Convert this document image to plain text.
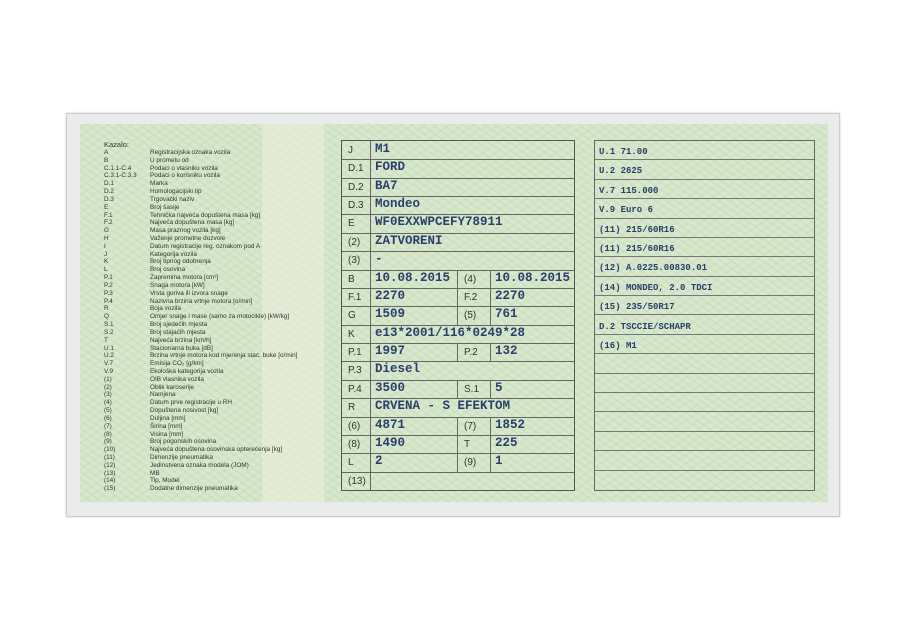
Kazalo:
A	Registracijska oznaka vozila
B	U prometu od
C.1.1-C.4	Podaci o vlasniku vozila
C.3.1-C.3.3 Podaci o korisniku vozila
D.1	Marka
D.2	Homologacijski tip
D.3	Trgovački naziv
E	Broj šasije
F.1	Tehnička najveća dopuštena masa [kg]
F.2	Najveća dopuštena masa [kg]
G	Masa praznog vozila [kg]
H	Važenje prometne dozvole
I	Datum registracije reg. oznakom pod A
J	Kategorija vozila
K	Broj tipnog odobrenja
L	Broj osovina
P.1	Zapremina motora [cm³]
P.2	Snaga motora [kW]
P.3	Vrsta goriva ili izvora snage
P.4	Nazivna brzina vrtnje motora [o/min]
R	Boja vozila
Q	Omjer snage i mase (samo za motocikle) [kW/kg]
S.1	Broj sjedećih mjesta
S.2	Broj stajaćih mjesta
T	Najveća brzina [km/h]
U.1	Stacionarna buka [dB]
U.2	Brzina vrtnje motora kod mjerenja stac. buke [o/min]
V.7	Emisija CO₂ [g/km]
V.9	Ekološka kategorija vozila
(1)	OIB vlasnika vozila
(2)	Oblik karoserije
(3)	Namjena
(4)	Datum prve registracije u RH
(5)	Dopuštena nosivost [kg]
(6)	Duljina [mm]
(7)	Širina [mm]
(8)	Visina [mm]
(9)	Broj pogonskih osovina
(10)	Najveća dopuštena osovinska opterećenja [kg]
(11)	Dimenzije pneumatika
(12)	Jedinstvena oznaka modela (JOM)
(13)	MB
(14)	Tip, Model
(15)	Dodatne dimenzije pneumatika
J	M1
D.1 FORD
D.2 BA7
D.3 Mondeo
E	WF0EXXWPCEFY78911
(2)	ZATVORENI
(3)	-
B	10.08.2015	(4)	10.08.2015
F.1	2270	F.2	2270
G	1509	(5)	761
K	e13*2001/116*0249*28
P.1	1997	P.2	132
P.3	Diesel
P.4	3500	S.1	5
R	CRVENA - S EFEKTOM
(6)	4871	(7)	1852
(8)	1490	T	225
L	2	(9)	1
(13)
U.1 71.00
U.2 2625
V.7 115.000
V.9 Euro 6
(11) 215/60R16
(11) 215/60R16
(12) A.0225.00830.01
(14) MONDEO, 2.0 TDCI
(15) 235/50R17
D.2 TSCCIE/SCHAPR
(16) M1
